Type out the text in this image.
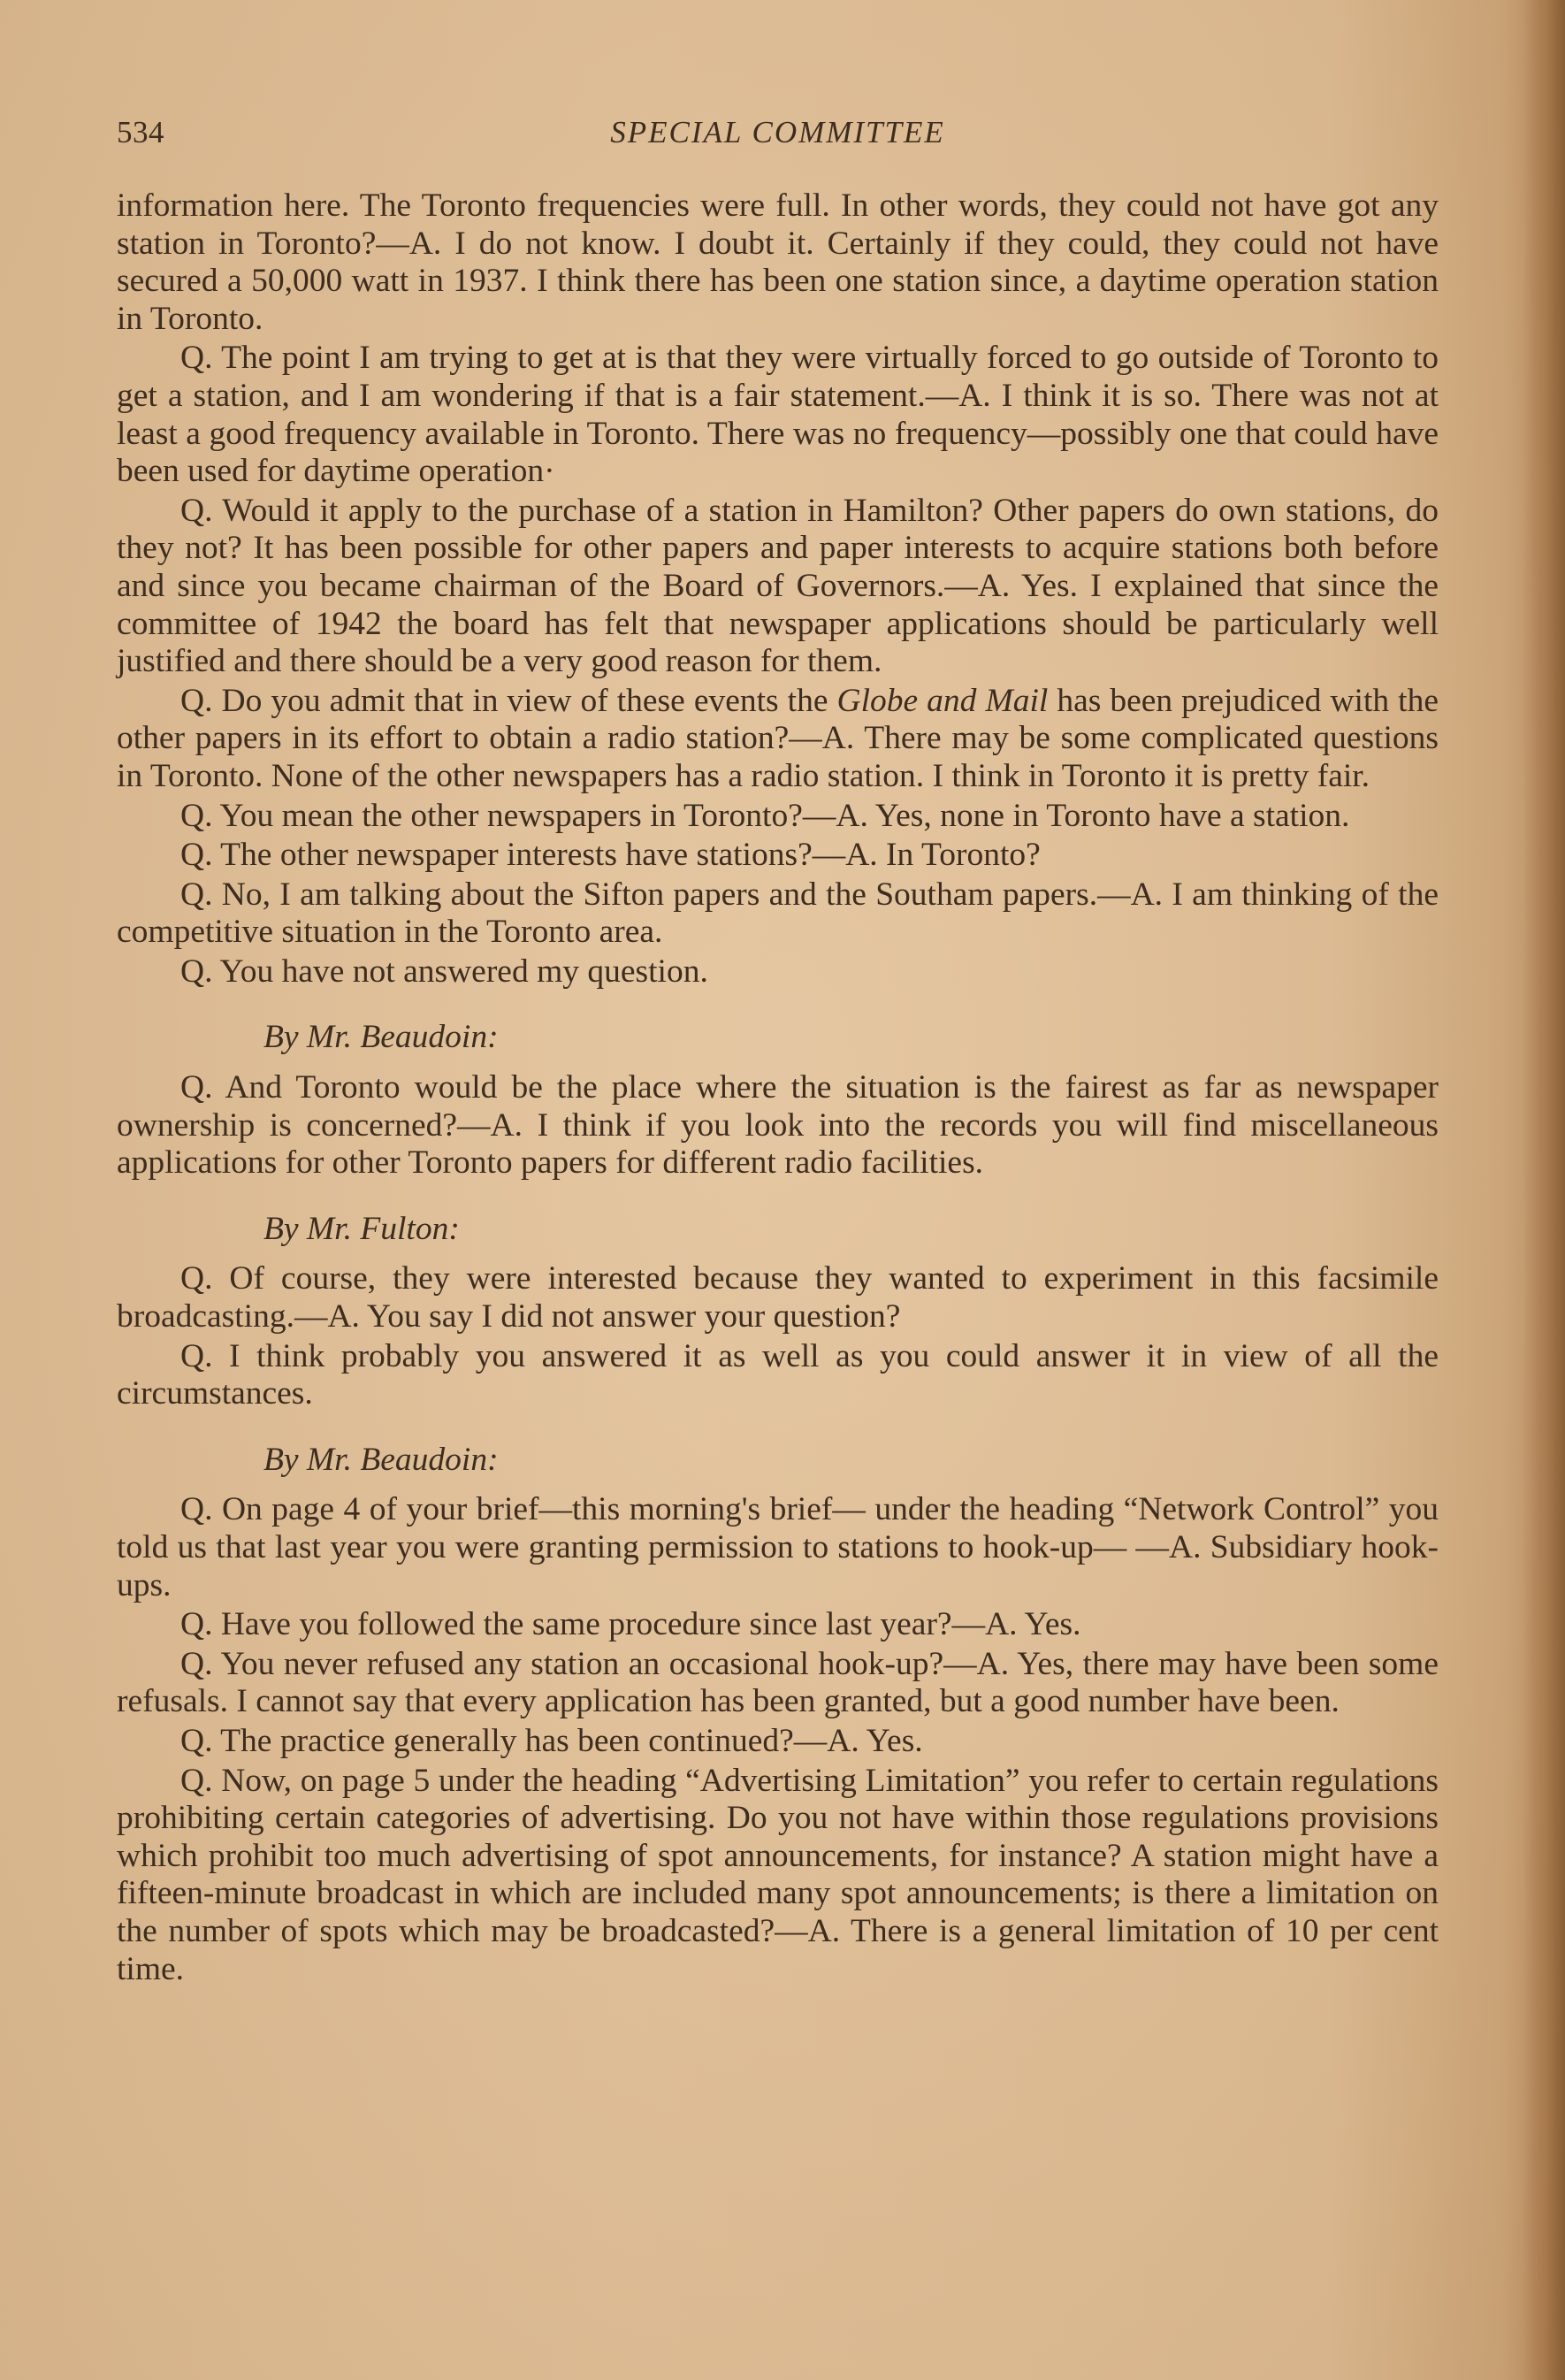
534	SPECIAL COMMITTEE

information here. The Toronto frequencies were full. In other words, they could not have got any station in Toronto?—A. I do not know. I doubt it. Certainly if they could, they could not have secured a 50,000 watt in 1937. I think there has been one station since, a daytime operation station in Toronto.

Q. The point I am trying to get at is that they were virtually forced to go outside of Toronto to get a station, and I am wondering if that is a fair statement.—A. I think it is so. There was not at least a good frequency available in Toronto. There was no frequency—possibly one that could have been used for daytime operation·

Q. Would it apply to the purchase of a station in Hamilton? Other papers do own stations, do they not? It has been possible for other papers and paper interests to acquire stations both before and since you became chairman of the Board of Governors.—A. Yes. I explained that since the committee of 1942 the board has felt that newspaper applications should be particularly well justified and there should be a very good reason for them.

Q. Do you admit that in view of these events the Globe and Mail has been prejudiced with the other papers in its effort to obtain a radio station?—A. There may be some complicated questions in Toronto. None of the other newspapers has a radio station. I think in Toronto it is pretty fair.

Q. You mean the other newspapers in Toronto?—A. Yes, none in Toronto have a station.

Q. The other newspaper interests have stations?—A. In Toronto?

Q. No, I am talking about the Sifton papers and the Southam papers.—A. I am thinking of the competitive situation in the Toronto area.

Q. You have not answered my question.

By Mr. Beaudoin:

Q. And Toronto would be the place where the situation is the fairest as far as newspaper ownership is concerned?—A. I think if you look into the records you will find miscellaneous applications for other Toronto papers for different radio facilities.

By Mr. Fulton:

Q. Of course, they were interested because they wanted to experiment in this facsimile broadcasting.—A. You say I did not answer your question?

Q. I think probably you answered it as well as you could answer it in view of all the circumstances.

By Mr. Beaudoin:

Q. On page 4 of your brief—this morning's brief— under the heading “Network Control” you told us that last year you were granting permission to stations to hook-up— —A. Subsidiary hook-ups.

Q. Have you followed the same procedure since last year?—A. Yes.

Q. You never refused any station an occasional hook-up?—A. Yes, there may have been some refusals. I cannot say that every application has been granted, but a good number have been.

Q. The practice generally has been continued?—A. Yes.

Q. Now, on page 5 under the heading “Advertising Limitation” you refer to certain regulations prohibiting certain categories of advertising. Do you not have within those regulations provisions which prohibit too much advertising of spot announcements, for instance? A station might have a fifteen-minute broadcast in which are included many spot announcements; is there a limitation on the number of spots which may be broadcasted?—A. There is a general limitation of 10 per cent time.
